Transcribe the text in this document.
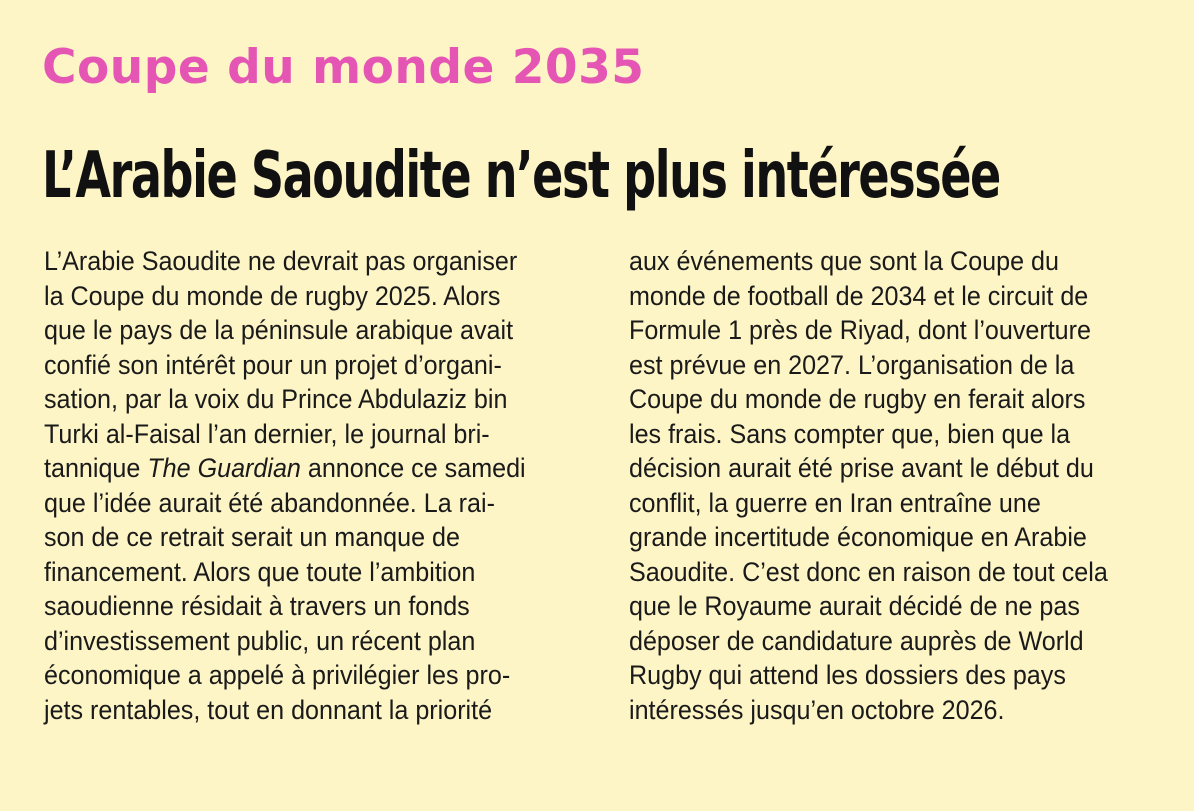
Coupe du monde 2035
L’Arabie Saoudite n’est plus intéressée
L’Arabie Saoudite ne devrait pas organiser
la Coupe du monde de rugby 2025. Alors
que le pays de la péninsule arabique avait
confié son intérêt pour un projet d’organi-
sation, par la voix du Prince Abdulaziz bin
Turki al-Faisal l’an dernier, le journal bri-
tannique The Guardian annonce ce samedi
que l’idée aurait été abandonnée. La rai-
son de ce retrait serait un manque de
financement. Alors que toute l’ambition
saoudienne résidait à travers un fonds
d’investissement public, un récent plan
économique a appelé à privilégier les pro-
jets rentables, tout en donnant la priorité
aux événements que sont la Coupe du
monde de football de 2034 et le circuit de
Formule 1 près de Riyad, dont l’ouverture
est prévue en 2027. L’organisation de la
Coupe du monde de rugby en ferait alors
les frais. Sans compter que, bien que la
décision aurait été prise avant le début du
conflit, la guerre en Iran entraîne une
grande incertitude économique en Arabie
Saoudite. C’est donc en raison de tout cela
que le Royaume aurait décidé de ne pas
déposer de candidature auprès de World
Rugby qui attend les dossiers des pays
intéressés jusqu’en octobre 2026.
